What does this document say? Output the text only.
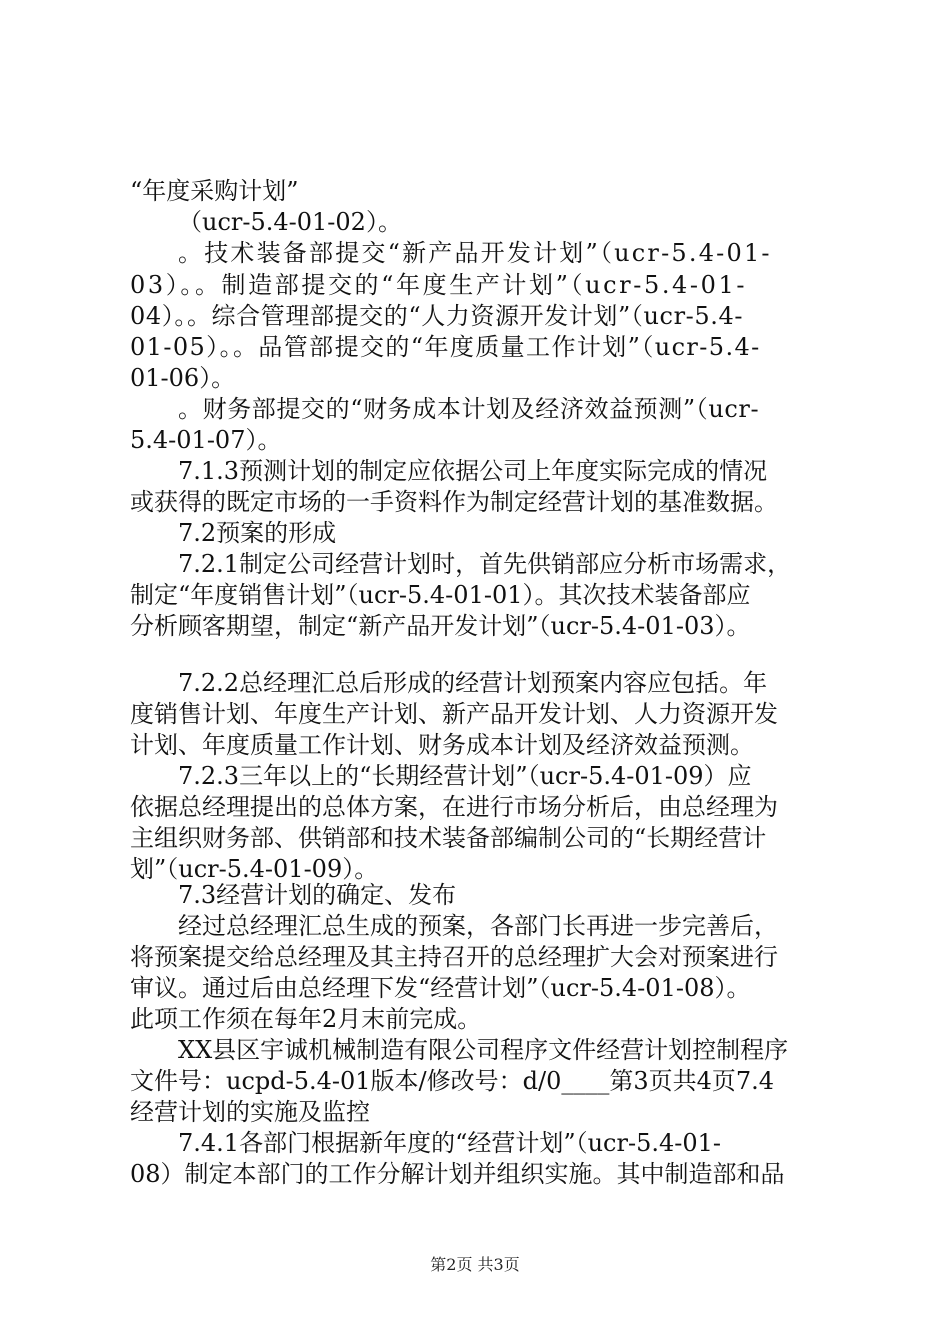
“年度采购计划”
（ucr-5.4-01-02）。
。技术装备部提交“新产品开发计划”（ucr-5.4-01-
03）。。制造部提交的“年度生产计划”（ucr-5.4-01-
04）。。综合管理部提交的“人力资源开发计划”（ucr-5.4-
01-05）。。品管部提交的“年度质量工作计划”（ucr-5.4-
01-06）。
。财务部提交的“财务成本计划及经济效益预测”（ucr-
5.4-01-07）。
7.1.3预测计划的制定应依据公司上年度实际完成的情况
或获得的既定市场的一手资料作为制定经营计划的基准数据。
7.2预案的形成
7.2.1制定公司经营计划时，首先供销部应分析市场需求，
制定“年度销售计划”（ucr-5.4-01-01）。其次技术装备部应
分析顾客期望，制定“新产品开发计划”（ucr-5.4-01-03）。
7.2.2总经理汇总后形成的经营计划预案内容应包括。年
度销售计划、年度生产计划、新产品开发计划、人力资源开发
计划、年度质量工作计划、财务成本计划及经济效益预测。
7.2.3三年以上的“长期经营计划”（ucr-5.4-01-09）应
依据总经理提出的总体方案，在进行市场分析后，由总经理为
主组织财务部、供销部和技术装备部编制公司的“长期经营计
划”（ucr-5.4-01-09）。
7.3经营计划的确定、发布
经过总经理汇总生成的预案，各部门长再进一步完善后，
将预案提交给总经理及其主持召开的总经理扩大会对预案进行
审议。通过后由总经理下发“经营计划”（ucr-5.4-01-08）。
此项工作须在每年2月末前完成。
XX县区宇诚机械制造有限公司程序文件经营计划控制程序
文件号：ucpd-5.4-01版本/修改号：d/0____第3页共4页7.4
经营计划的实施及监控
7.4.1各部门根据新年度的“经营计划”（ucr-5.4-01-
08）制定本部门的工作分解计划并组织实施。其中制造部和品
第2页 共3页
